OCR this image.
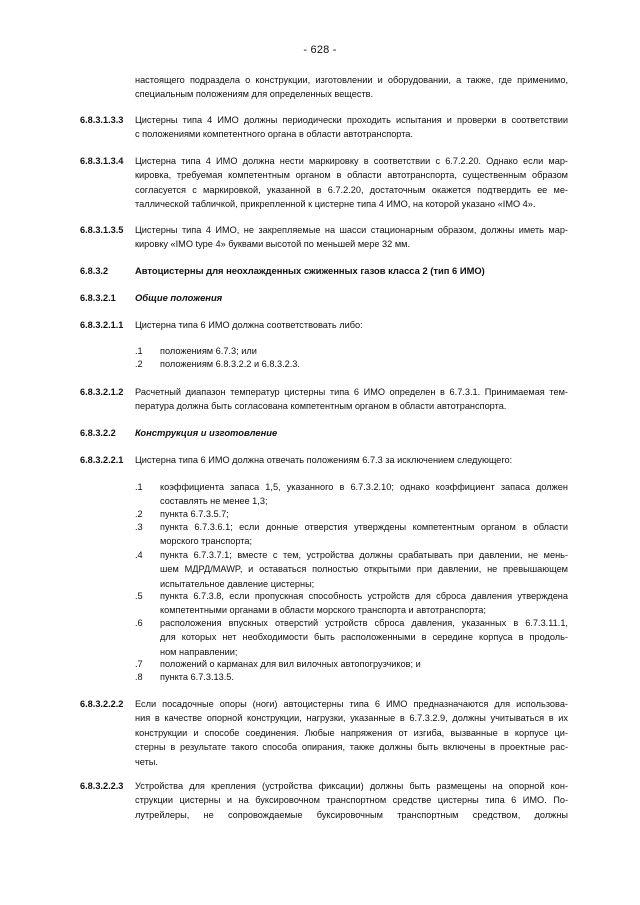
- 628 -
настоящего подраздела о конструкции, изготовлении и оборудовании, а также, где применимо,
специальным положениям для определенных веществ.
6.8.3.1.3.3 Цистерны типа 4 ИМО должны периодически проходить испытания и проверки в соответствии
с положениями компетентного органа в области автотранспорта.
6.8.3.1.3.4 Цистерна типа 4 ИМО должна нести маркировку в соответствии с 6.7.2.20. Однако если мар-
кировка, требуемая компетентным органом в области автотранспорта, существенным образом
согласуется с маркировкой, указанной в 6.7.2.20, достаточным окажется подтвердить ее ме-
таллической табличкой, прикрепленной к цистерне типа 4 ИМО, на которой указано «IMO 4».
6.8.3.1.3.5 Цистерны типа 4 ИМО, не закрепляемые на шасси стационарным образом, должны иметь мар-
кировку «IMO type 4» буквами высотой по меньшей мере 32 мм.
6.8.3.2	Автоцистерны для неохлажденных сжиженных газов класса 2 (тип 6 ИМО)
6.8.3.2.1 Общие положения
6.8.3.2.1.1 Цистерна типа 6 ИМО должна соответствовать либо:
.1 положениям 6.7.3; или
.2 положениям 6.8.3.2.2 и 6.8.3.2.3.
6.8.3.2.1.2 Расчетный диапазон температур цистерны типа 6 ИМО определен в 6.7.3.1. Принимаемая тем-
пература должна быть согласована компетентным органом в области автотранспорта.
6.8.3.2.2 Конструкция и изготовление
6.8.3.2.2.1 Цистерна типа 6 ИМО должна отвечать положениям 6.7.3 за исключением следующего:
.1 коэффициента запаса 1,5, указанного в 6.7.3.2.10; однако коэффициент запаса должен
составлять не менее 1,3;
.2 пункта 6.7.3.5.7;
.3 пункта 6.7.3.6.1; если донные отверстия утверждены компетентным органом в области
морского транспорта;
.4 пункта 6.7.3.7.1; вместе с тем, устройства должны срабатывать при давлении, не мень-
шем МДРД/MAWP, и оставаться полностью открытыми при давлении, не превышающем
испытательное давление цистерны;
.5 пункта 6.7.3.8, если пропускная способность устройств для сброса давления утверждена
компетентными органами в области морского транспорта и автотранспорта;
.6 расположения впускных отверстий устройств сброса давления, указанных в 6.7.3.11.1,
для которых нет необходимости быть расположенными в середине корпуса в продоль-
ном направлении;
.7 положений о карманах для вил вилочных автопогрузчиков; и
.8 пункта 6.7.3.13.5.
6.8.3.2.2.2 Если посадочные опоры (ноги) автоцистерны типа 6 ИМО предназначаются для использова-
ния в качестве опорной конструкции, нагрузки, указанные в 6.7.3.2.9, должны учитываться в их
конструкции и способе соединения. Любые напряжения от изгиба, вызванные в корпусе ци-
стерны в результате такого способа опирания, также должны быть включены в проектные рас-
четы.
6.8.3.2.2.3 Устройства для крепления (устройства фиксации) должны быть размещены на опорной кон-
струкции цистерны и на буксировочном транспортном средстве цистерны типа 6 ИМО. По-
лутрейлеры, не сопровождаемые буксировочным транспортным средством, должны
